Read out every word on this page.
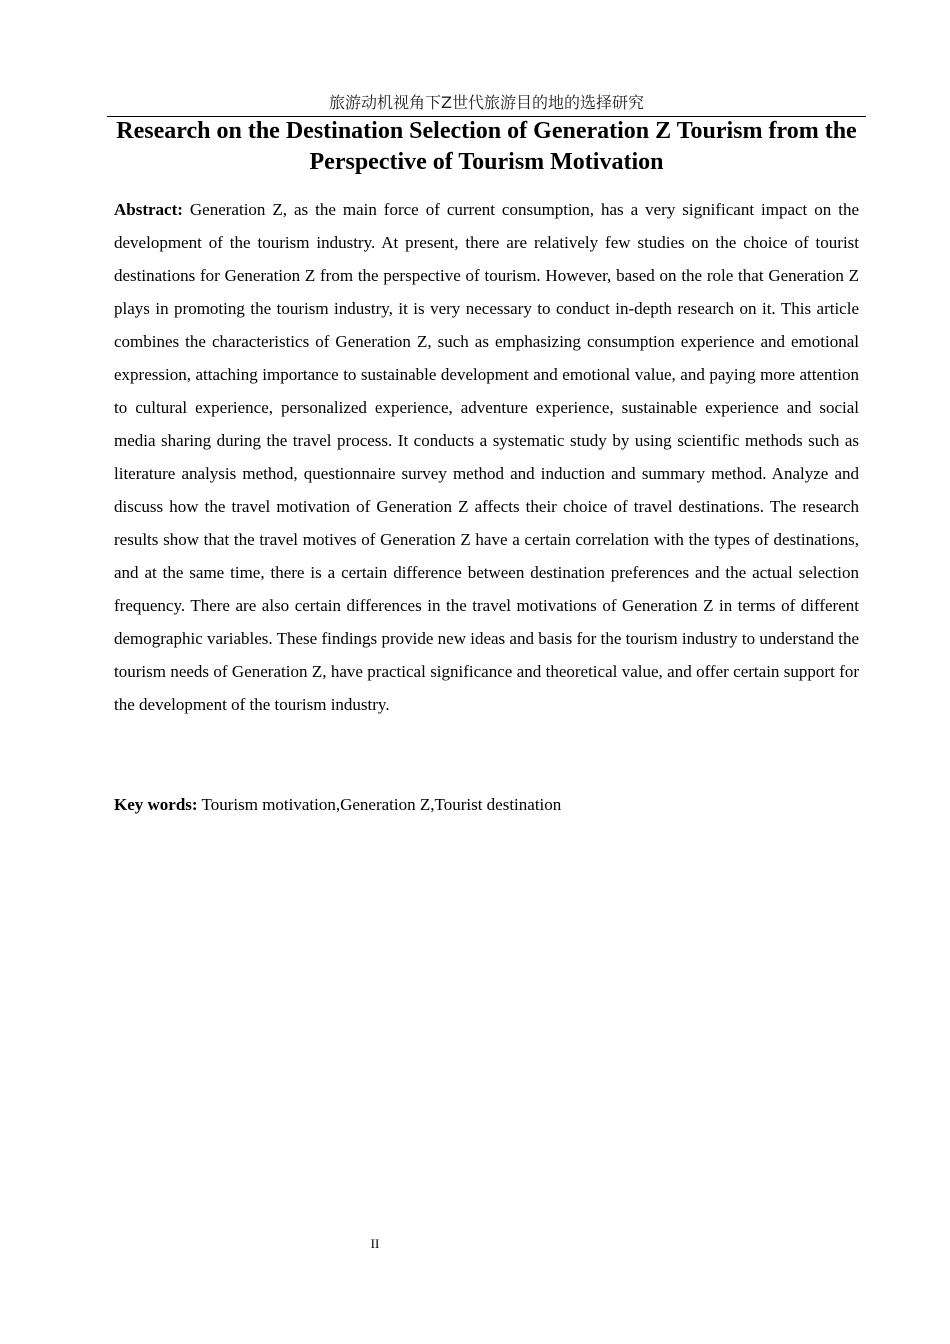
旅游动机视角下Z世代旅游目的地的选择研究
Research on the Destination Selection of Generation Z Tourism from the Perspective of Tourism Motivation

Abstract: Generation Z, as the main force of current consumption, has a very significant impact on the development of the tourism industry. At present, there are relatively few studies on the choice of tourist destinations for Generation Z from the perspective of tourism. However, based on the role that Generation Z plays in promoting the tourism industry, it is very necessary to conduct in-depth research on it. This article combines the characteristics of Generation Z, such as emphasizing consumption experience and emotional expression, attaching importance to sustainable development and emotional value, and paying more attention to cultural experience, personalized experience, adventure experience, sustainable experience and social media sharing during the travel process. It conducts a systematic study by using scientific methods such as literature analysis method, questionnaire survey method and induction and summary method. Analyze and discuss how the travel motivation of Generation Z affects their choice of travel destinations. The research results show that the travel motives of Generation Z have a certain correlation with the types of destinations, and at the same time, there is a certain difference between destination preferences and the actual selection frequency. There are also certain differences in the travel motivations of Generation Z in terms of different demographic variables. These findings provide new ideas and basis for the tourism industry to understand the tourism needs of Generation Z, have practical significance and theoretical value, and offer certain support for the development of the tourism industry.

Key words: Tourism motivation,Generation Z,Tourist destination

II
